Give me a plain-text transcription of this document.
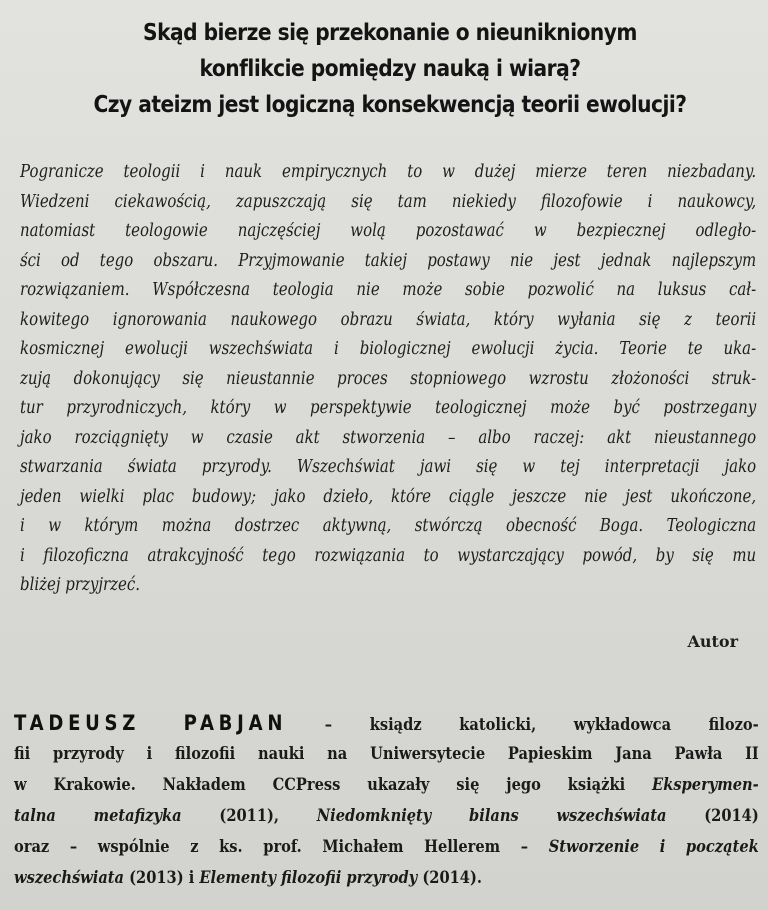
Skąd bierze się przekonanie o nieuniknionym
konflikcie pomiędzy nauką i wiarą?
Czy ateizm jest logiczną konsekwencją teorii ewolucji?
Pogranicze teologii i nauk empirycznych to w dużej mierze teren niezbadany.
Wiedzeni ciekawością, zapuszczają się tam niekiedy filozofowie i naukowcy,
natomiast teologowie najczęściej wolą pozostawać w bezpiecznej odległo-
ści od tego obszaru. Przyjmowanie takiej postawy nie jest jednak najlepszym
rozwiązaniem. Współczesna teologia nie może sobie pozwolić na luksus cał-
kowitego ignorowania naukowego obrazu świata, który wyłania się z teorii
kosmicznej ewolucji wszechświata i biologicznej ewolucji życia. Teorie te uka-
zują dokonujący się nieustannie proces stopniowego wzrostu złożoności struk-
tur przyrodniczych, który w perspektywie teologicznej może być postrzegany
jako rozciągnięty w czasie akt stworzenia – albo raczej: akt nieustannego
stwarzania świata przyrody. Wszechświat jawi się w tej interpretacji jako
jeden wielki plac budowy; jako dzieło, które ciągle jeszcze nie jest ukończone,
i w którym można dostrzec aktywną, stwórczą obecność Boga. Teologiczna
i filozoficzna atrakcyjność tego rozwiązania to wystarczający powód, by się mu
bliżej przyjrzeć.
Autor
TADEUSZ PABJAN – ksiądz katolicki, wykładowca filozo-
fii przyrody i filozofii nauki na Uniwersytecie Papieskim Jana Pawła II
w Krakowie. Nakładem CCPress ukazały się jego książki Eksperymen-
talna metafizyka (2011), Niedomknięty bilans wszechświata (2014)
oraz – wspólnie z ks. prof. Michałem Hellerem – Stworzenie i początek
wszechświata (2013) i Elementy filozofii przyrody (2014).
